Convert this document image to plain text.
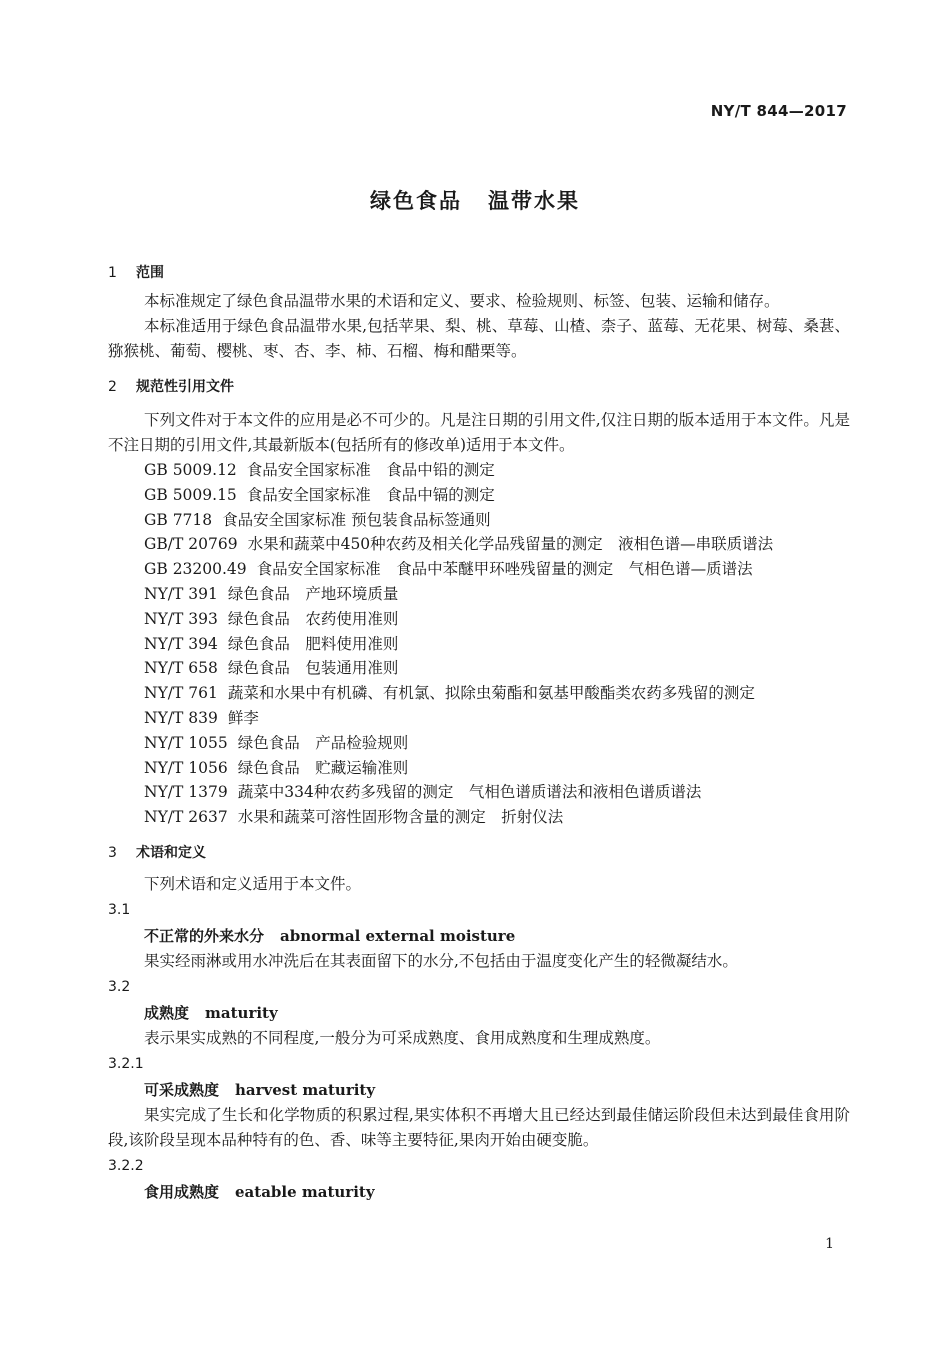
NY/T 844—2017
绿色食品 温带水果
1 范围

本标准规定了绿色食品温带水果的术语和定义、要求、检验规则、标签、包装、运输和储存。

本标准适用于绿色食品温带水果,包括苹果、梨、桃、草莓、山楂、柰子、蓝莓、无花果、树莓、桑葚、猕猴桃、葡萄、樱桃、枣、杏、李、柿、石榴、梅和醋栗等。

2 规范性引用文件

下列文件对于本文件的应用是必不可少的。凡是注日期的引用文件,仅注日期的版本适用于本文件。凡是不注日期的引用文件,其最新版本(包括所有的修改单)适用于本文件。

GB 5009.12 食品安全国家标准　食品中铅的测定
GB 5009.15 食品安全国家标准　食品中镉的测定
GB 7718 食品安全国家标准 预包装食品标签通则
GB/T 20769 水果和蔬菜中450种农药及相关化学品残留量的测定　液相色谱—串联质谱法
GB 23200.49 食品安全国家标准　食品中苯醚甲环唑残留量的测定　气相色谱—质谱法
NY/T 391 绿色食品　产地环境质量
NY/T 393 绿色食品　农药使用准则
NY/T 394 绿色食品　肥料使用准则
NY/T 658 绿色食品　包装通用准则
NY/T 761 蔬菜和水果中有机磷、有机氯、拟除虫菊酯和氨基甲酸酯类农药多残留的测定
NY/T 839 鲜李
NY/T 1055 绿色食品　产品检验规则
NY/T 1056 绿色食品　贮藏运输准则
NY/T 1379 蔬菜中334种农药多残留的测定　气相色谱质谱法和液相色谱质谱法
NY/T 2637 水果和蔬菜可溶性固形物含量的测定　折射仪法
3 术语和定义

下列术语和定义适用于本文件。

3.1
不正常的外来水分 abnormal external moisture

果实经雨淋或用水冲洗后在其表面留下的水分,不包括由于温度变化产生的轻微凝结水。

3.2
成熟度 maturity

表示果实成熟的不同程度,一般分为可采成熟度、食用成熟度和生理成熟度。

3.2.1
可采成熟度 harvest maturity

果实完成了生长和化学物质的积累过程,果实体积不再增大且已经达到最佳储运阶段但未达到最佳食用阶段,该阶段呈现本品种特有的色、香、味等主要特征,果肉开始由硬变脆。

3.2.2
食用成熟度 eatable maturity
1
